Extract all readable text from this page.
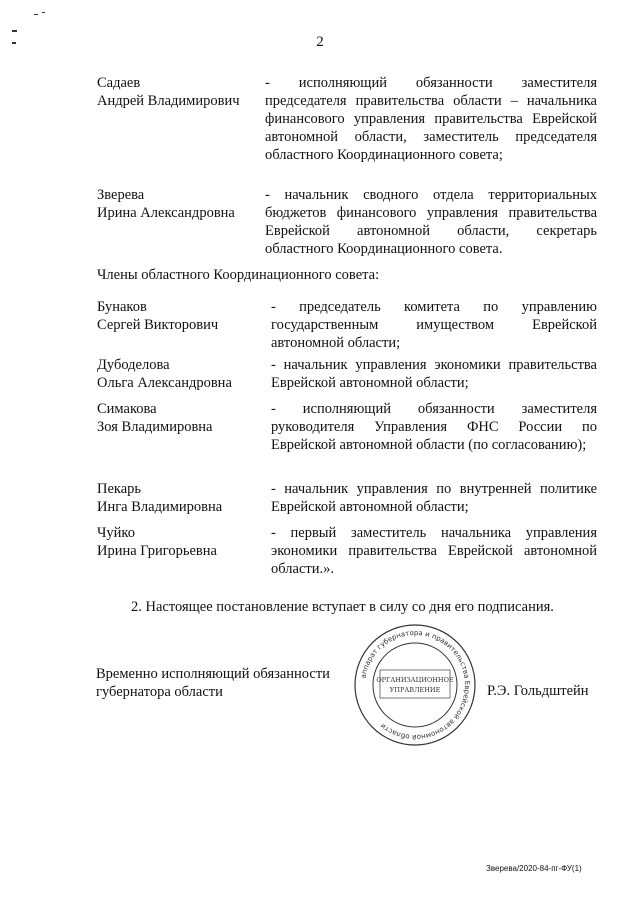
2
Садаев
Андрей Владимирович
- исполняющий обязанности заместителя председателя правительства области – начальника финансового управления правительства Еврейской автономной области, заместитель председателя областного Координационного совета;
Зверева
Ирина Александровна
- начальник сводного отдела территориальных бюджетов финансового управления правительства Еврейской автономной области, секретарь областного Координационного совета.
Члены областного Координационного совета:
Бунаков
Сергей Викторович
- председатель комитета по управлению государственным имуществом Еврейской автономной области;
Дубоделова
Ольга Александровна
- начальник управления экономики правительства Еврейской автономной области;
Симакова
Зоя Владимировна
- исполняющий обязанности заместителя руководителя Управления ФНС России по Еврейской автономной области (по согласованию);
Пекарь
Инга Владимировна
- начальник управления по внутренней политике Еврейской автономной области;
Чуйко
Ирина Григорьевна
- первый заместитель начальника управления экономики правительства Еврейской автономной области.».
2. Настоящее постановление вступает в силу со дня его подписания.
Временно исполняющий обязанности
губернатора области
аппарат губернатора и правительства Еврейской автономной области
ОРГАНИЗАЦИОННОЕ
УПРАВЛЕНИЕ	Р.Э. Гольдштейн
Зверева/2020-84-пг-ФУ(1)
